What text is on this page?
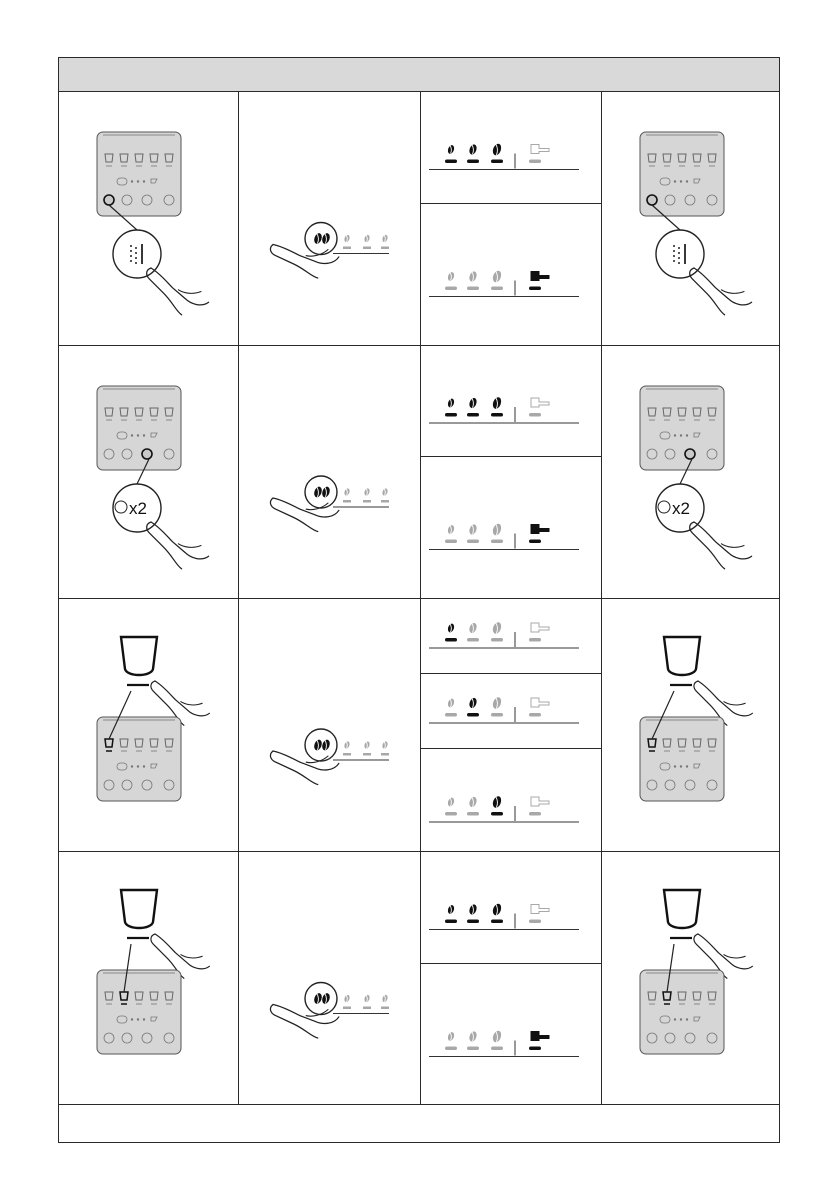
x2	x2
